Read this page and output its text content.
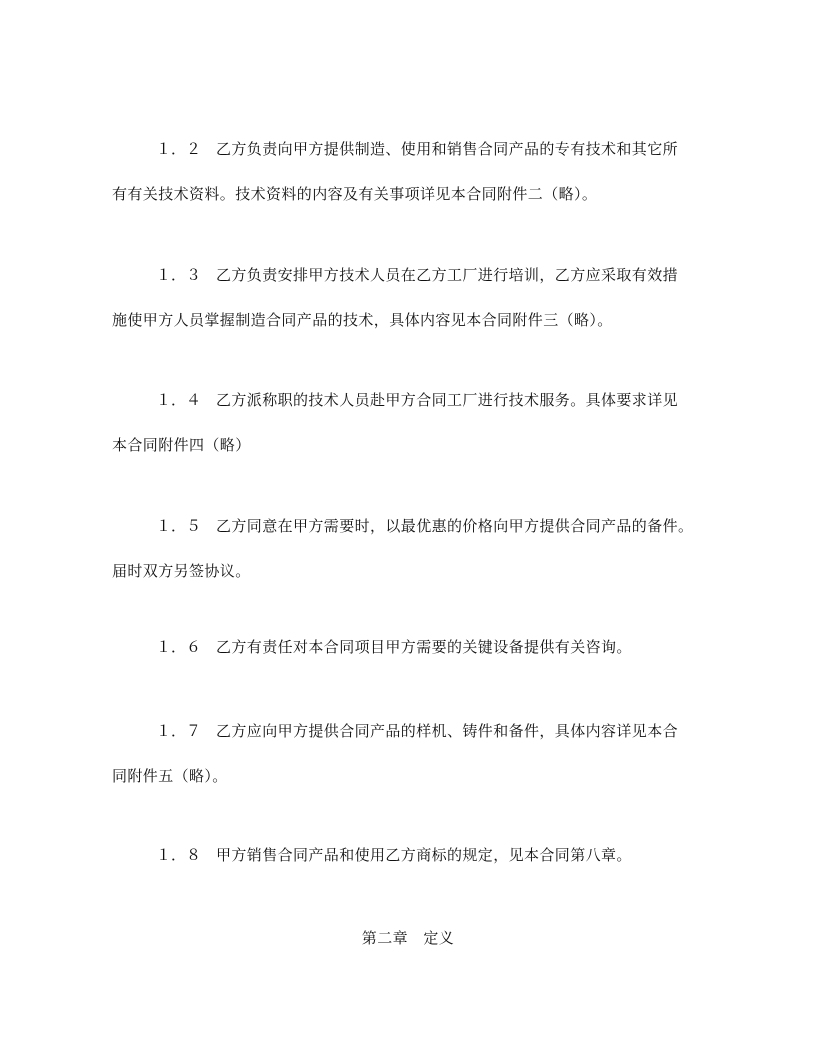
１．２ 乙方负责向甲方提供制造、使用和销售合同产品的专有技术和其它所
有有关技术资料。技术资料的内容及有关事项详见本合同附件二（略）。
１．３ 乙方负责安排甲方技术人员在乙方工厂进行培训，乙方应采取有效措
施使甲方人员掌握制造合同产品的技术，具体内容见本合同附件三（略）。
１．４ 乙方派称职的技术人员赴甲方合同工厂进行技术服务。具体要求详见
本合同附件四（略）
１．５ 乙方同意在甲方需要时，以最优惠的价格向甲方提供合同产品的备件。
届时双方另签协议。
１．６ 乙方有责任对本合同项目甲方需要的关键设备提供有关咨询。
１．７ 乙方应向甲方提供合同产品的样机、铸件和备件，具体内容详见本合
同附件五（略）。
１．８ 甲方销售合同产品和使用乙方商标的规定，见本合同第八章。
第二章　定义
